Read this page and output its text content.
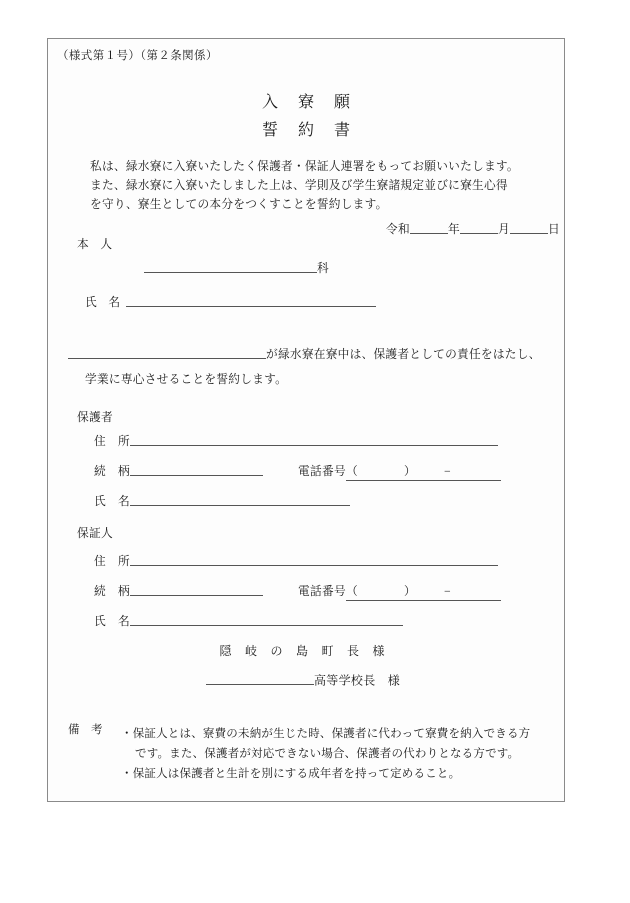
（様式第１号）（第２条関係）
入寮願
誓約書
私は、緑水寮に入寮いたしたく保護者・保証人連署をもってお願いいたします。
また、緑水寮に入寮いたしました上は、学則及び学生寮諸規定並びに寮生心得
を守り、寮生としての本分をつくすことを誓約します。
令和	年	月	日
本　人
科
氏　名
が緑水寮在寮中は、保護者としての責任をはたし、
学業に専心させることを誓約します。
保護者
住　所
続　柄	電話番号（	） −
氏　名
保証人
住　所
続　柄	電話番号（	） −
氏　名
隠岐の島町長様
高等学校長　様
備　考 ・保証人とは、寮費の未納が生じた時、保護者に代わって寮費を納入できる方
です。また、保護者が対応できない場合、保護者の代わりとなる方です。
・保証人は保護者と生計を別にする成年者を持って定めること。
